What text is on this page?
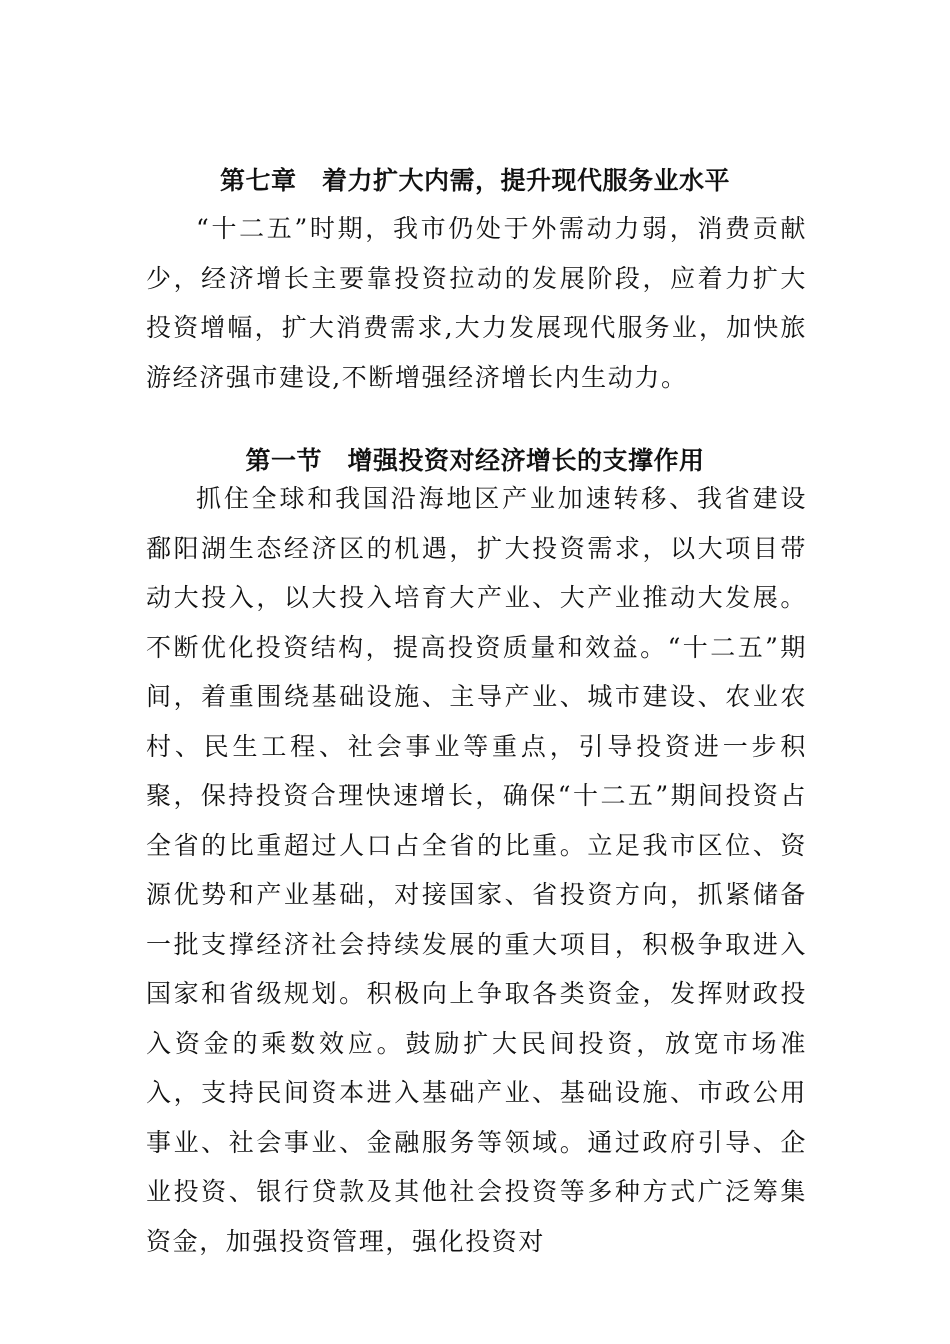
第七章　着力扩大内需，提升现代服务业水平

“十二五”时期，我市仍处于外需动力弱，消费贡献少，经济增长主要靠投资拉动的发展阶段，应着力扩大投资增幅，扩大消费需求,大力发展现代服务业，加快旅游经济强市建设,不断增强经济增长内生动力。

第一节　增强投资对经济增长的支撑作用

抓住全球和我国沿海地区产业加速转移、我省建设鄱阳湖生态经济区的机遇，扩大投资需求，以大项目带动大投入，以大投入培育大产业、大产业推动大发展。不断优化投资结构，提高投资质量和效益。“十二五”期间，着重围绕基础设施、主导产业、城市建设、农业农村、民生工程、社会事业等重点，引导投资进一步积聚，保持投资合理快速增长，确保“十二五”期间投资占全省的比重超过人口占全省的比重。立足我市区位、资源优势和产业基础，对接国家、省投资方向，抓紧储备一批支撑经济社会持续发展的重大项目，积极争取进入国家和省级规划。积极向上争取各类资金，发挥财政投入资金的乘数效应。鼓励扩大民间投资，放宽市场准入，支持民间资本进入基础产业、基础设施、市政公用事业、社会事业、金融服务等领域。通过政府引导、企业投资、银行贷款及其他社会投资等多种方式广泛筹集资金，加强投资管理，强化投资对
